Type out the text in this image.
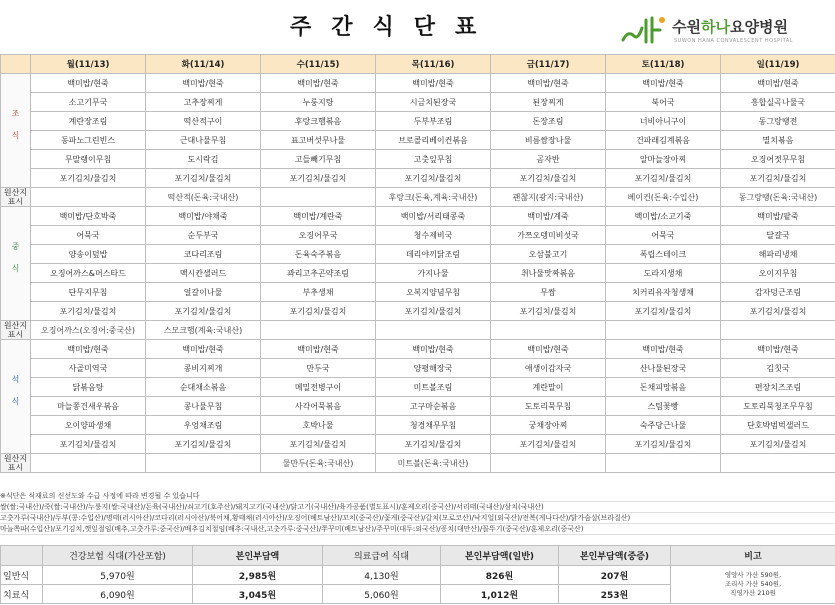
주간식단표	수원하나요양병원
SUWON HANA CONVALESCENT HOSPITAL
	월(11/13)	화(11/14)	수(11/15)	목(11/16)	금(11/17)	토(11/18)	일(11/19)
조식	백미밥/현죽	백미밥/현죽	백미밥/현죽	백미밥/현죽	백미밥/현죽	백미밥/현죽	백미밥/현죽
	소고기무국	고추장찌게	누룽지탕	시금치된장국	된장찌게	북어국	흥합실곡나물국
	계란장조림	떡산적구이	후랑크햄볶음	두부부조림	돈장조림	너비아니구이	동그랑땡전
	동파노그린빈스	근대나물무침	표고버섯무나물	브로콜리베이컨볶음	비름쌈장나물	건파래김계볶음	멸치볶음
	무말랭이무침	도시락김	고들빼기무침	고춧잎무침	곰자반	알마늘장아찌	오징어젓무무침
	포기김치/물김치	포기김치/물김치	포기김치/물김치	포기김치/물김치	포기김치/물김치	포기김치/물김치	포기김치/물김치
원산지 표시		떡산적(돈육:국내산)		후랑크(돈육,계육:국내산)	괜찮지(광지:국내산)	베이컨(돈육:수입산)	동그랑땡(돈육:국내산)
중식	백미밥/단호박죽	백미밥/야채죽	백미밥/계란죽	백미밥/서리태콩죽	백미밥/계죽	백미밥/소고기죽	백미밥/팥죽
	어묵국	순두부국	오징어무국	청수제비국	가쯔오뎅미비섯국	어묵국	달걀국
	양송이덮밥	코다리조림	돈육숙주볶음	데리야끼닭조림	오삼불고기	폭립스테이크	해파리냉채
	오징어까스&머스타드	맥시칸샐러드	꽈리고추곤약조림	가지나물	취나물맛짜볶음	도라지생채	오이지무침
	단무지무침	얼갈이나물	부추생채	오복지양념무침	무쌈	치커리유자청생채	감자덩근조림
	포기김치/물김치	포기김치/물김치	포기김치/물김치	포기김치/물김치	포기김치/물김치	포기김치/물김치	포기김치/물김치
원산지 표시	오징어까스(오징어:중국산)	스모크햄(계육:국내산)					
석식	백미밥/현죽	백미밥/현죽	백미밥/현죽	백미밥/현죽	백미밥/현죽	백미밥/현죽	백미밥/현죽
	사골미역국	콩비지찌개	만두국	양평해장국	애생이감자국	산나물된장국	김칫국
	닭볶음탕	순대채소볶음	메밀전병구이	미트볼조림	계란말이	돈채피망볶음	편장치즈조림
	마늘쫑건새우볶음	콩나물무침	사각어묵볶음	고구마순볶음	도토리묵무침	스팀꽃빵	도토리묵청조무무침
	오이양파생채	우엉채조림	호박나물	청경채무무침	궁채장아찌	숙주당근나물	단호박범벅샐러드
	포기김치/물김치	포기김치/물김치	포기김치/물김치	포기김치/물김치	포기김치/물김치	포기김치/물김치	포기김치/물김치
원산지 표시			물만두(돈육:국내산)	미트볼(돈육:국내산)			
※식단은 식재료의 신선도와 수급 사정에 따라 변경될 수 있습니다
쌀(쌀:국내산)/죽(쌀:국내산)/누룽지(쌀:국내산)/돈육(국내산)/쇠고기(호주산)/돼지고기(국내산)/닭고기(국내산)/육가공품(별도표시)/훈제오리(중국산)/서리태(국내산)/삼치(국내산)
고춧가루(국내산)/두부(콩:수입산)/명태(러시아산)/코다리(러시아산)/북어채,황태채(러시아산)/오징어(베트남산)/꼬치(중국산)/꽃게(중국산)/갈치(모로코산)/낙지얼(외국산)/전복(게나다산)/닭가슴살(브라질산)
마늘쪽파(수입산)/포기김치,깻잎절임(배추,고춧가루:중국산)/배추김치절임(배추:국내산,고춧가루:중국산)/쭈꾸미(베트남산)/주꾸미(대두:외국산)/꽁치(대만산)/꼴뚜기(중국산)/훈제오리(중국산)
	건강보험 식대(가산포함)	본인부담액	의료급여 식대	본인부담액(일반)	본인부담액(중증)	비고
일반식	5,970원	2,985원	4,130원	826원	207원	영양사 가산 590원,
조리사 가산 540원,
직영가산 210원

치료식	6,090원	3,045원	5,060원	1,012원	253원	
